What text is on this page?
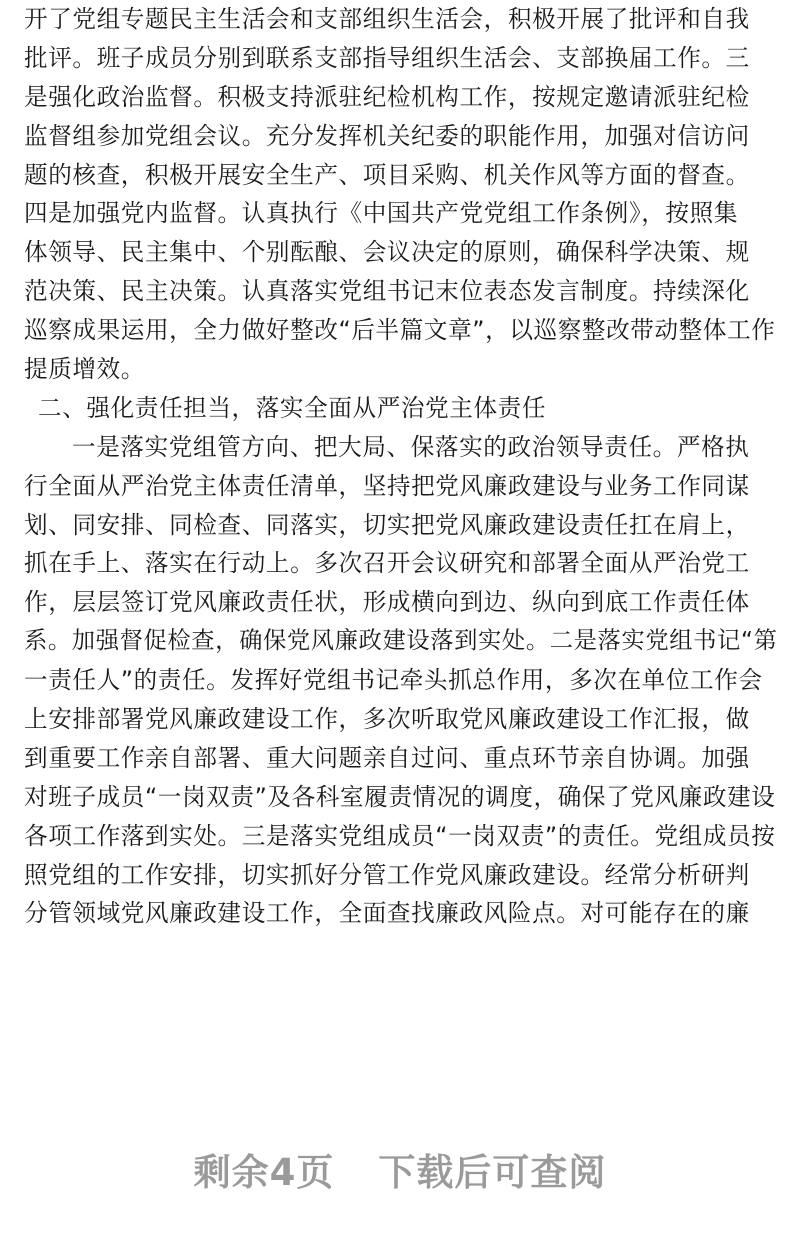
开了党组专题民主生活会和支部组织生活会，积极开展了批评和自我
批评。班子成员分别到联系支部指导组织生活会、支部换届工作。三
是强化政治监督。积极支持派驻纪检机构工作，按规定邀请派驻纪检
监督组参加党组会议。充分发挥机关纪委的职能作用，加强对信访问
题的核查，积极开展安全生产、项目采购、机关作风等方面的督查。
四是加强党内监督。认真执行《中国共产党党组工作条例》，按照集
体领导、民主集中、个别酝酿、会议决定的原则，确保科学决策、规
范决策、民主决策。认真落实党组书记末位表态发言制度。持续深化
巡察成果运用，全力做好整改“后半篇文章”，以巡察整改带动整体工作
提质增效。
二、强化责任担当，落实全面从严治党主体责任
一是落实党组管方向、把大局、保落实的政治领导责任。严格执
行全面从严治党主体责任清单，坚持把党风廉政建设与业务工作同谋
划、同安排、同检查、同落实，切实把党风廉政建设责任扛在肩上，
抓在手上、落实在行动上。多次召开会议研究和部署全面从严治党工
作，层层签订党风廉政责任状，形成横向到边、纵向到底工作责任体
系。加强督促检查，确保党风廉政建设落到实处。二是落实党组书记“第
一责任人”的责任。发挥好党组书记牵头抓总作用，多次在单位工作会
上安排部署党风廉政建设工作，多次听取党风廉政建设工作汇报，做
到重要工作亲自部署、重大问题亲自过问、重点环节亲自协调。加强
对班子成员“一岗双责”及各科室履责情况的调度，确保了党风廉政建设
各项工作落到实处。三是落实党组成员“一岗双责”的责任。党组成员按
照党组的工作安排，切实抓好分管工作党风廉政建设。经常分析研判
分管领域党风廉政建设工作，全面查找廉政风险点。对可能存在的廉
剩余4页 下载后可查阅
